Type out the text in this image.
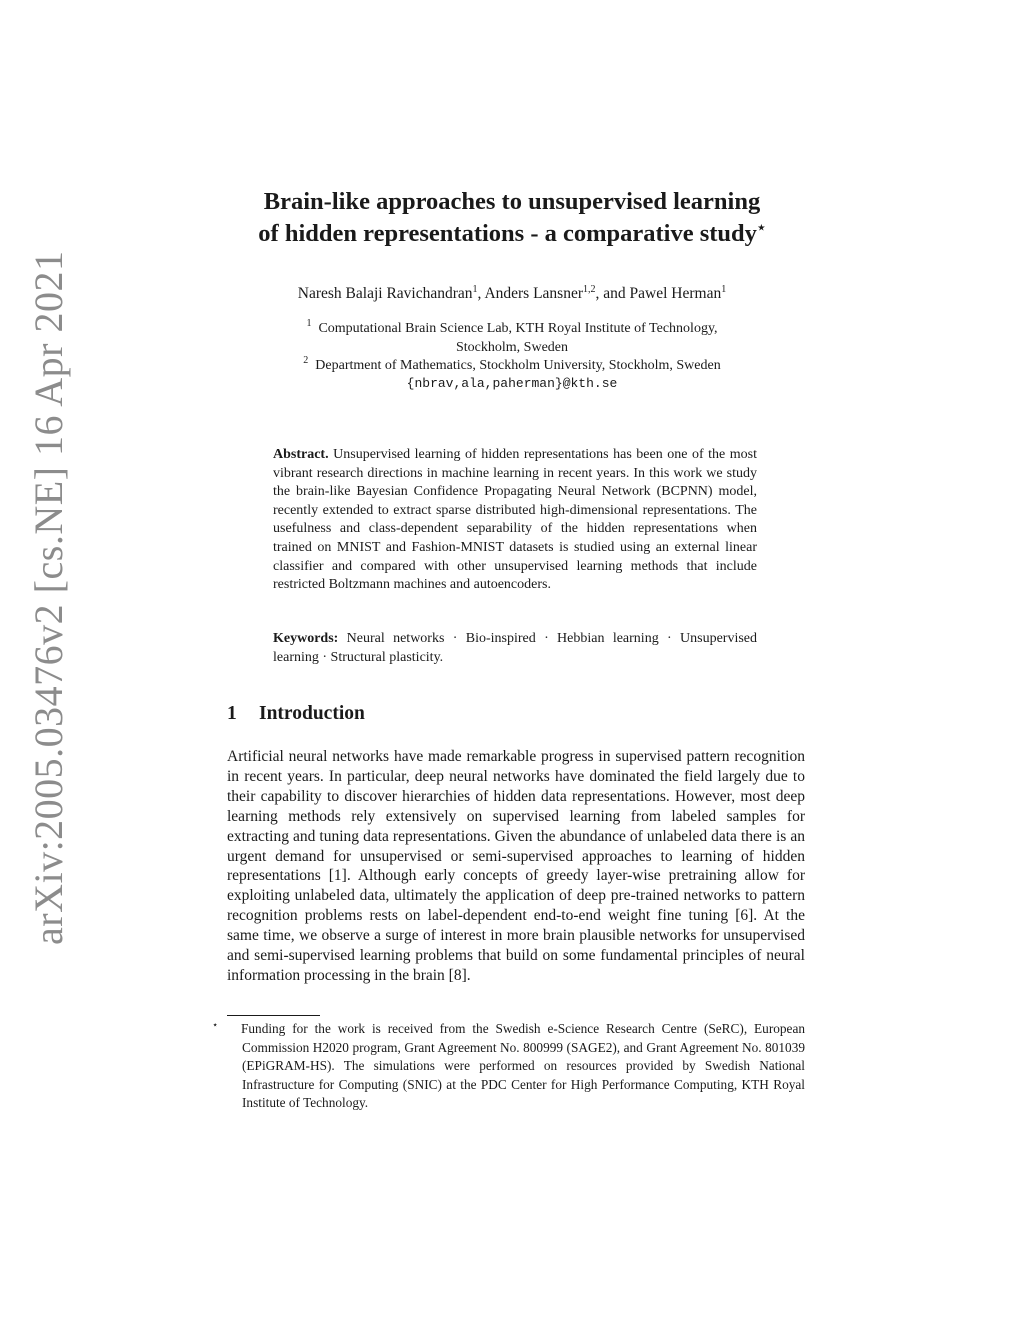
arXiv:2005.03476v2 [cs.NE] 16 Apr 2021
Brain-like approaches to unsupervised learning
of hidden representations - a comparative study⋆
Naresh Balaji Ravichandran$^1$, Anders Lansner$^{1,2}$, and Pawel Herman$^1$
$^1$ Computational Brain Science Lab, KTH Royal Institute of Technology,
Stockholm, Sweden
$^2$ Department of Mathematics, Stockholm University, Stockholm, Sweden
{nbrav,ala,paherman}@kth.se
Abstract. Unsupervised learning of hidden representations has been one of the most vibrant research directions in machine learning in recent years. In this work we study the brain-like Bayesian Confidence Propagating Neural Network (BCPNN) model, recently extended to extract sparse distributed high-dimensional representations. The usefulness and class-dependent separability of the hidden representations when trained on MNIST and Fashion-MNIST datasets is studied using an external linear classifier and compared with other unsupervised learning methods that include restricted Boltzmann machines and autoencoders.
Keywords: Neural networks · Bio-inspired · Hebbian learning · Unsupervised learning · Structural plasticity.
1 Introduction
Artificial neural networks have made remarkable progress in supervised pattern recognition in recent years. In particular, deep neural networks have dominated the field largely due to their capability to discover hierarchies of hidden data representations. However, most deep learning methods rely extensively on supervised learning from labeled samples for extracting and tuning data representations. Given the abundance of unlabeled data there is an urgent demand for unsupervised or semi-supervised approaches to learning of hidden representations [1]. Although early concepts of greedy layer-wise pretraining allow for exploiting unlabeled data, ultimately the application of deep pre-trained networks to pattern recognition problems rests on label-dependent end-to-end weight fine tuning [6]. At the same time, we observe a surge of interest in more brain plausible networks for unsupervised and semi-supervised learning problems that build on some fundamental principles of neural information processing in the brain [8].
⋆ Funding for the work is received from the Swedish e-Science Research Centre (SeRC), European Commission H2020 program, Grant Agreement No. 800999 (SAGE2), and Grant Agreement No. 801039 (EPiGRAM-HS). The simulations were performed on resources provided by Swedish National Infrastructure for Computing (SNIC) at the PDC Center for High Performance Computing, KTH Royal Institute of Technology.
